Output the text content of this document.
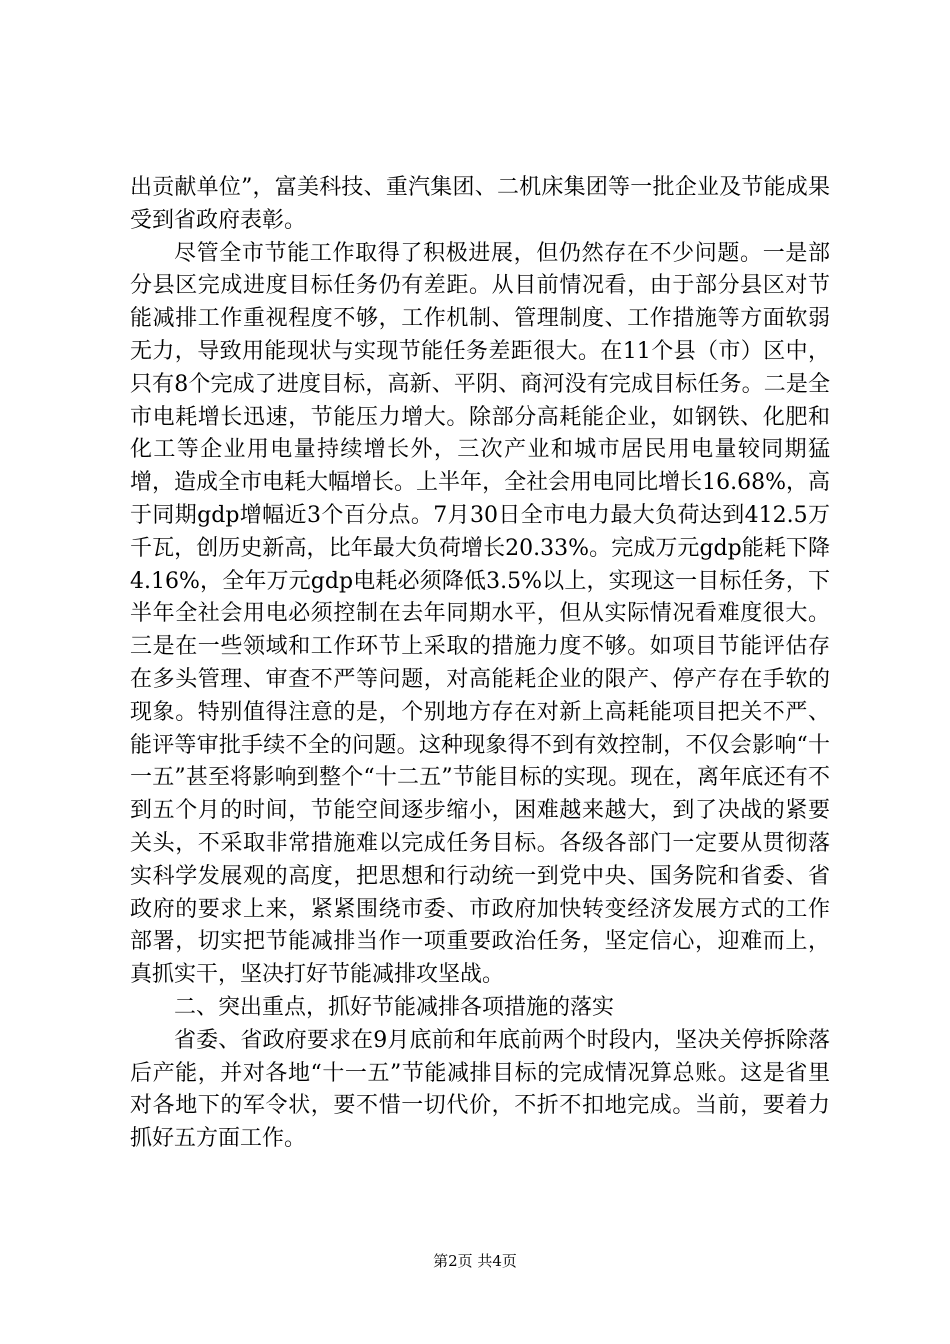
出贡献单位”，富美科技、重汽集团、二机床集团等一批企业及节能成果受到省政府表彰。

尽管全市节能工作取得了积极进展，但仍然存在不少问题。一是部分县区完成进度目标任务仍有差距。从目前情况看，由于部分县区对节能减排工作重视程度不够，工作机制、管理制度、工作措施等方面软弱无力，导致用能现状与实现节能任务差距很大。在11个县（市）区中，只有8个完成了进度目标，高新、平阴、商河没有完成目标任务。二是全市电耗增长迅速，节能压力增大。除部分高耗能企业，如钢铁、化肥和化工等企业用电量持续增长外，三次产业和城市居民用电量较同期猛增，造成全市电耗大幅增长。上半年，全社会用电同比增长16.68%，高于同期gdp增幅近3个百分点。7月30日全市电力最大负荷达到412.5万千瓦，创历史新高，比年最大负荷增长20.33%。完成万元gdp能耗下降4.16%，全年万元gdp电耗必须降低3.5%以上，实现这一目标任务，下半年全社会用电必须控制在去年同期水平，但从实际情况看难度很大。三是在一些领域和工作环节上采取的措施力度不够。如项目节能评估存在多头管理、审查不严等问题，对高能耗企业的限产、停产存在手软的现象。特别值得注意的是，个别地方存在对新上高耗能项目把关不严、能评等审批手续不全的问题。这种现象得不到有效控制，不仅会影响“十一五”甚至将影响到整个“十二五”节能目标的实现。现在，离年底还有不到五个月的时间，节能空间逐步缩小，困难越来越大，到了决战的紧要关头，不采取非常措施难以完成任务目标。各级各部门一定要从贯彻落实科学发展观的高度，把思想和行动统一到党中央、国务院和省委、省政府的要求上来，紧紧围绕市委、市政府加快转变经济发展方式的工作部署，切实把节能减排当作一项重要政治任务，坚定信心，迎难而上，真抓实干，坚决打好节能减排攻坚战。

二、突出重点，抓好节能减排各项措施的落实

省委、省政府要求在9月底前和年底前两个时段内，坚决关停拆除落后产能，并对各地“十一五”节能减排目标的完成情况算总账。这是省里对各地下的军令状，要不惜一切代价，不折不扣地完成。当前，要着力抓好五方面工作。

第2页 共4页
